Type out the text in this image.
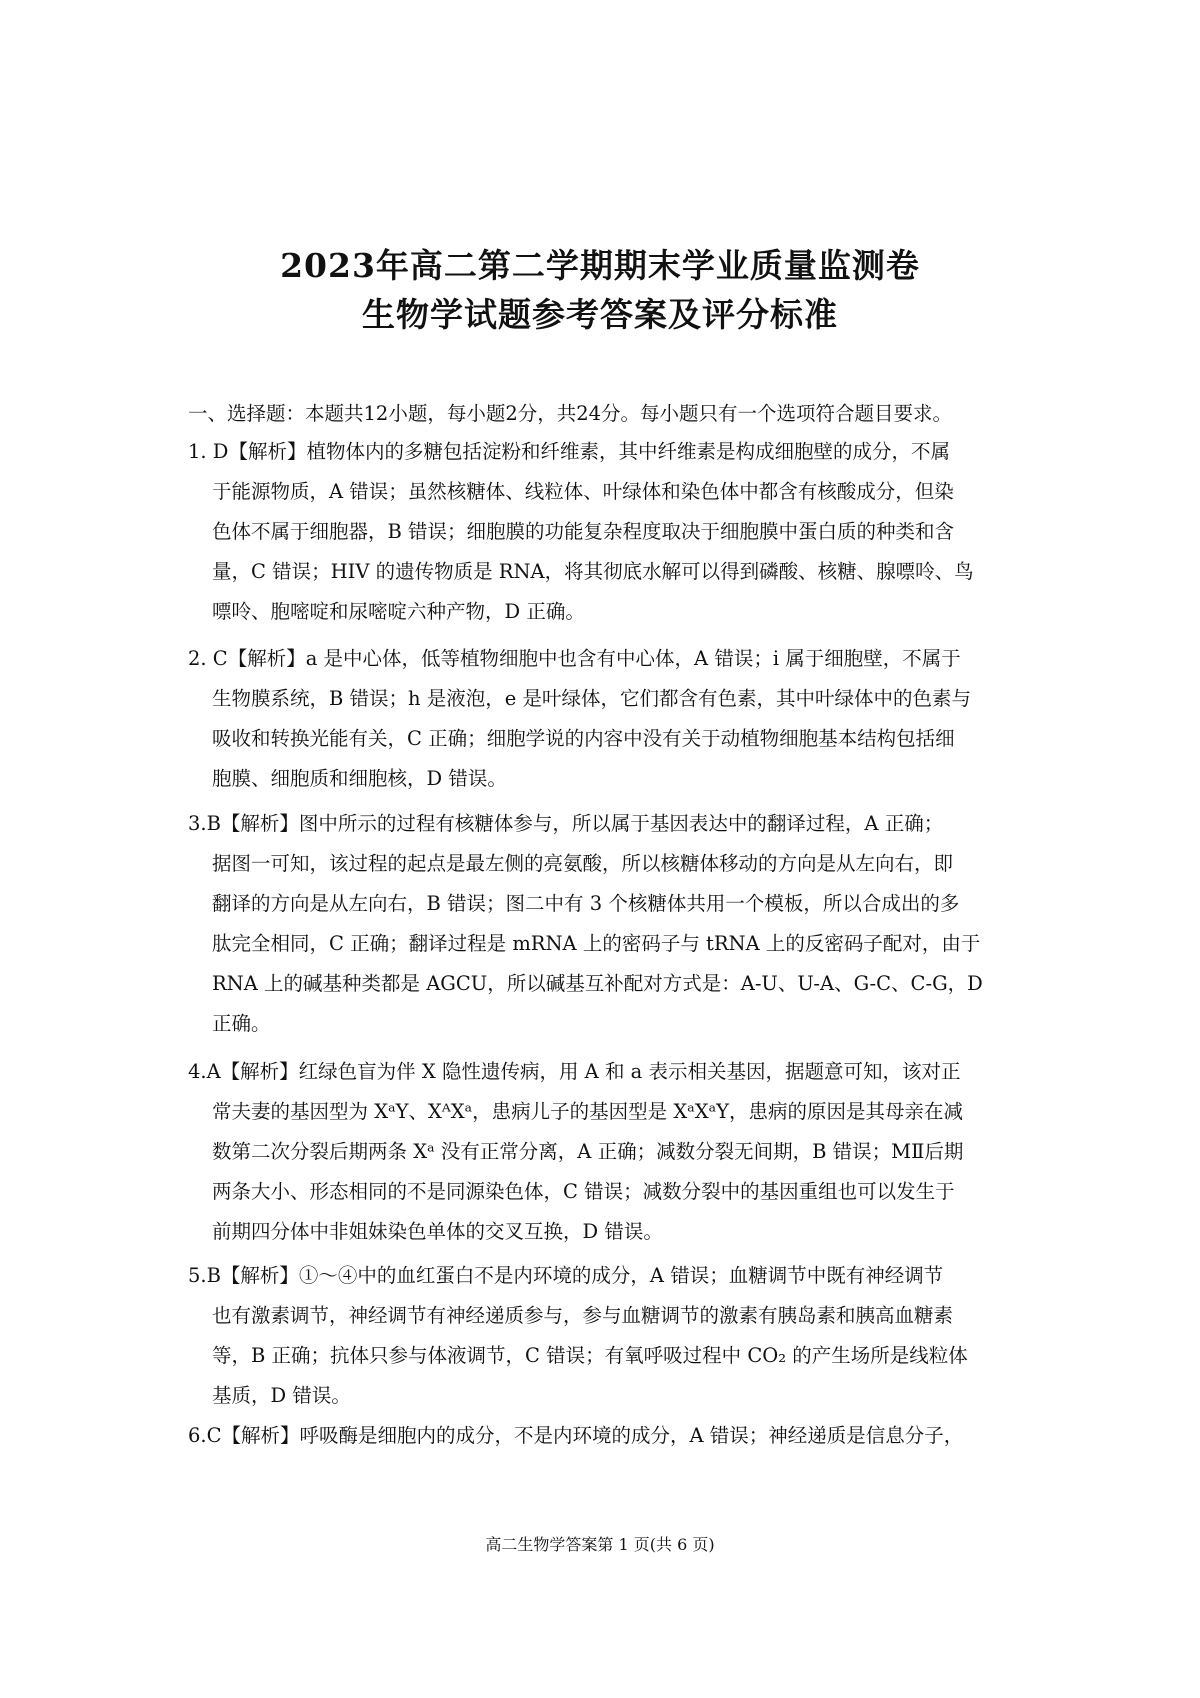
2023年高二第二学期期末学业质量监测卷
生物学试题参考答案及评分标准
一、选择题：本题共12小题，每小题2分，共24分。每小题只有一个选项符合题目要求。
1. D【解析】植物体内的多糖包括淀粉和纤维素，其中纤维素是构成细胞壁的成分，不属
于能源物质，A 错误；虽然核糖体、线粒体、叶绿体和染色体中都含有核酸成分，但染
色体不属于细胞器，B 错误；细胞膜的功能复杂程度取决于细胞膜中蛋白质的种类和含
量，C 错误；HIV 的遗传物质是 RNA，将其彻底水解可以得到磷酸、核糖、腺嘌呤、鸟
嘌呤、胞嘧啶和尿嘧啶六种产物，D 正确。
2. C【解析】a 是中心体，低等植物细胞中也含有中心体，A 错误；i 属于细胞壁，不属于
生物膜系统，B 错误；h 是液泡，e 是叶绿体，它们都含有色素，其中叶绿体中的色素与
吸收和转换光能有关，C 正确；细胞学说的内容中没有关于动植物细胞基本结构包括细
胞膜、细胞质和细胞核，D 错误。
3.B【解析】图中所示的过程有核糖体参与，所以属于基因表达中的翻译过程，A 正确；
据图一可知，该过程的起点是最左侧的亮氨酸，所以核糖体移动的方向是从左向右，即
翻译的方向是从左向右，B 错误；图二中有 3 个核糖体共用一个模板，所以合成出的多
肽完全相同，C 正确；翻译过程是 mRNA 上的密码子与 tRNA 上的反密码子配对，由于
RNA 上的碱基种类都是 AGCU，所以碱基互补配对方式是：A-U、U-A、G-C、C-G，D
正确。
4.A【解析】红绿色盲为伴 X 隐性遗传病，用 A 和 a 表示相关基因，据题意可知，该对正
常夫妻的基因型为 XᵃY、XᴬXᵃ，患病儿子的基因型是 XᵃXᵃY，患病的原因是其母亲在减
数第二次分裂后期两条 Xᵃ 没有正常分离，A 正确；减数分裂无间期，B 错误；MⅡ后期
两条大小、形态相同的不是同源染色体，C 错误；减数分裂中的基因重组也可以发生于
前期四分体中非姐妹染色单体的交叉互换，D 错误。
5.B【解析】①～④中的血红蛋白不是内环境的成分，A 错误；血糖调节中既有神经调节
也有激素调节，神经调节有神经递质参与，参与血糖调节的激素有胰岛素和胰高血糖素
等，B 正确；抗体只参与体液调节，C 错误；有氧呼吸过程中 CO₂ 的产生场所是线粒体
基质，D 错误。
6.C【解析】呼吸酶是细胞内的成分，不是内环境的成分，A 错误；神经递质是信息分子，
高二生物学答案第 1 页(共 6 页)
